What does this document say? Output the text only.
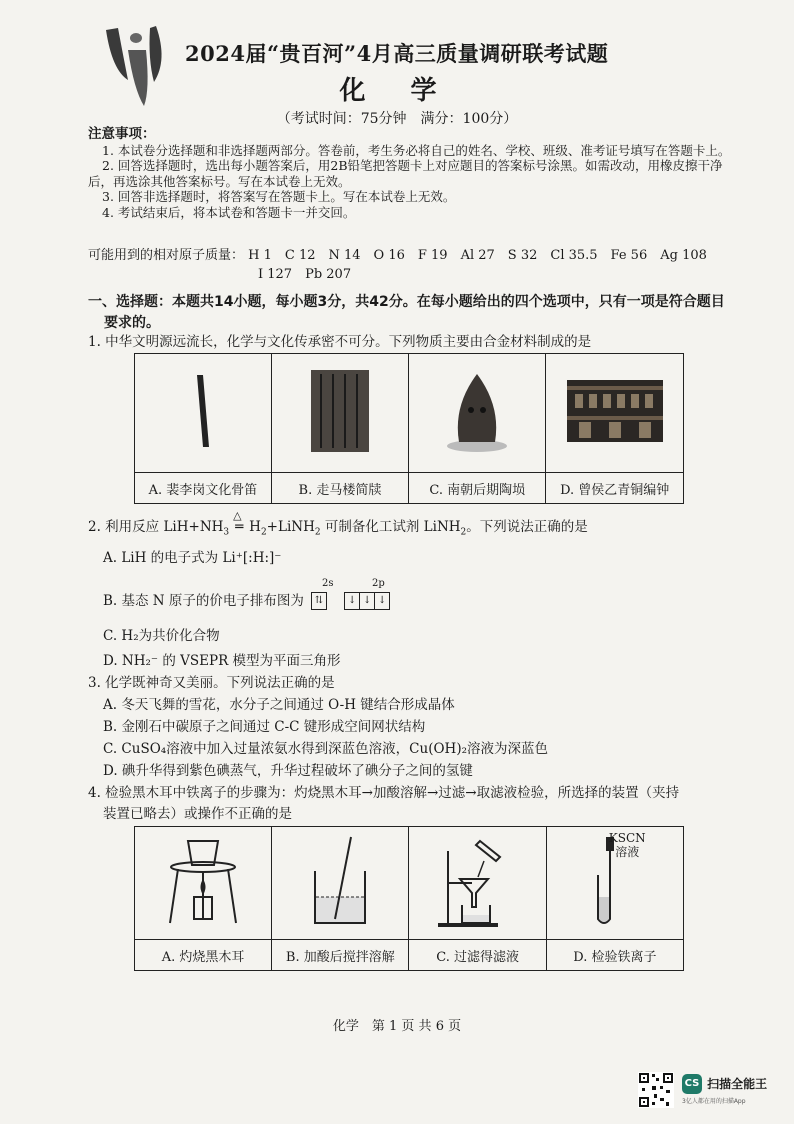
2024届“贵百河”4月高三质量调研联考试题
化 学
（考试时间：75分钟　满分：100分）
注意事项：
1. 本试卷分选择题和非选择题两部分。答卷前，考生务必将自己的姓名、学校、班级、准考证号填写在答题卡上。
2. 回答选择题时，选出每小题答案后，用2B铅笔把答题卡上对应题目的答案标号涂黑。如需改动，用橡皮擦干净后，再选涂其他答案标号。写在本试卷上无效。
3. 回答非选择题时，将答案写在答题卡上。写在本试卷上无效。
4. 考试结束后，将本试卷和答题卡一并交回。
可能用到的相对原子质量： H 1　C 12　N 14　O 16　F 19　Al 27　S 32　Cl 35.5　Fe 56　Ag 108
I 127　Pb 207
一、选择题：本题共14小题，每小题3分，共42分。在每小题给出的四个选项中，只有一项是符合题目
要求的。
1. 中华文明源远流长，化学与文化传承密不可分。下列物质主要由合金材料制成的是

A. 裴李岗文化骨笛	B. 走马楼简牍	C. 南朝后期陶埙	D. 曾侯乙青铜编钟
2. 利用反应 $LiH+NH_3$
△
═ $H_2+LiNH_2$ 可制备化工试剂 LiNH$_2$。下列说法正确的是
A. LiH 的电子式为 Li⁺[:H:]⁻
B. 基态 N 原子的价电子排布图为
2s	2p
⇅ ↓ ↓ ↓
C. H₂为共价化合物
D. NH₂⁻ 的 VSEPR 模型为平面三角形
3. 化学既神奇又美丽。下列说法正确的是
A. 冬天飞舞的雪花，水分子之间通过 O-H 键结合形成晶体
B. 金刚石中碳原子之间通过 C-C 键形成空间网状结构
C. CuSO₄溶液中加入过量浓氨水得到深蓝色溶液，Cu(OH)₂溶液为深蓝色
D. 碘升华得到紫色碘蒸气，升华过程破坏了碘分子之间的氢键
4. 检验黑木耳中铁离子的步骤为：灼烧黑木耳→加酸溶解→过滤→取滤液检验，所选择的装置（夹持
装置已略去）或操作不正确的是

KSCN
溶液

A. 灼烧黑木耳	B. 加酸后搅拌溶解	C. 过滤得滤液	D. 检验铁离子
化学　第 1 页 共 6 页
CS 扫描全能王
3亿人都在用的扫描App
